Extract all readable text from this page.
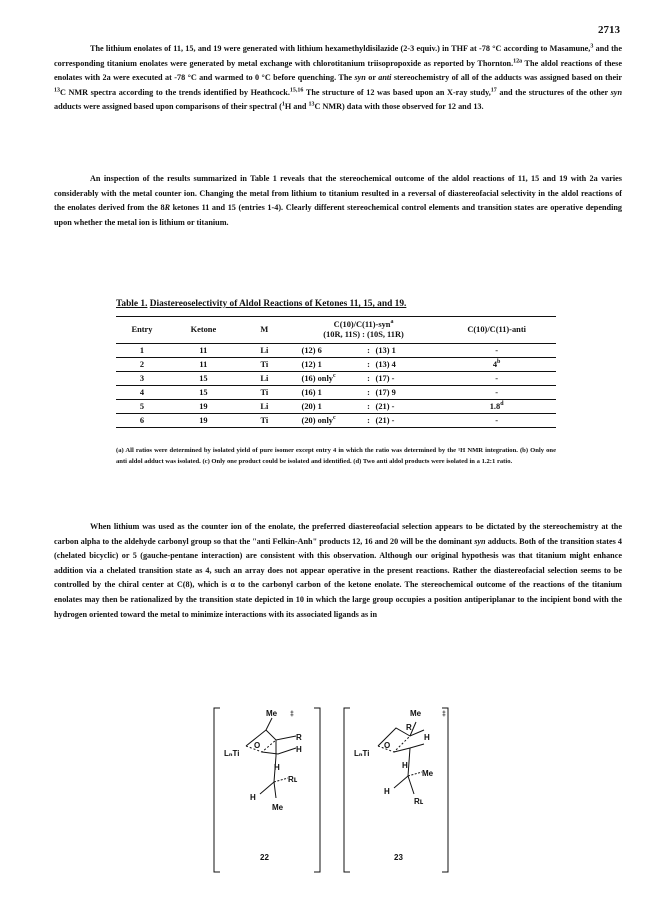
2713

The lithium enolates of 11, 15, and 19 were generated with lithium hexamethyldisilazide (2-3 equiv.) in THF at -78 °C according to Masamune,$^3$ and the corresponding titanium enolates were generated by metal exchange with chlorotitanium triisopropoxide as reported by Thornton.$^{12a}$ The aldol reactions of these enolates with 2a were executed at -78 °C and warmed to 0 °C before quenching. The syn or anti stereochemistry of all of the adducts was assigned based on their $^{13}$C NMR spectra according to the trends identified by Heathcock.$^{15,16}$ The structure of 12 was based upon an X-ray study,$^{17}$ and the structures of the other syn adducts were assigned based upon comparisons of their spectral ($^1$H and $^{13}$C NMR) data with those observed for 12 and 13.

An inspection of the results summarized in Table 1 reveals that the stereochemical outcome of the aldol reactions of 11, 15 and 19 with 2a varies considerably with the metal counter ion. Changing the metal from lithium to titanium resulted in a reversal of diastereofacial selectivity in the aldol reactions of the enolates derived from the 8R ketones 11 and 15 (entries 1-4). Clearly different stereochemical control elements and transition states are operative depending upon whether the metal ion is lithium or titanium.

Table 1. Diastereoselectivity of Aldol Reactions of Ketones 11, 15, and 19.
Entry	Ketone	M	C(10)/C(11)-syn$^a$
(10R, 11S) : (10S, 11R)	C(10)/C(11)-anti
1	11	Li	(12) 6 : (13) 1	-
2	11	Ti	(12) 1 : (13) 4	4$^b$
3	15	Li	(16) only$^c$ : (17) -	-
4	15	Ti	(16) 1 : (17) 9	-
5	19	Li	(20) 1 : (21) -	1.8$^d$
6	19	Ti	(20) only$^c$ : (21) -	-
(a) All ratios were determined by isolated yield of pure isomer except entry 4 in which the ratio was determined by the ¹H NMR integration. (b) Only one anti aldol adduct was isolated. (c) Only one product could be isolated and identified. (d) Two anti aldol products were isolated in a 1.2:1 ratio.

When lithium was used as the counter ion of the enolate, the preferred diastereofacial selection appears to be dictated by the stereochemistry at the carbon alpha to the aldehyde carbonyl group so that the "anti Felkin-Anh" products 12, 16 and 20 will be the dominant syn adducts. Both of the transition states 4 (chelated bicyclic) or 5 (gauche-pentane interaction) are consistent with this observation. Although our original hypothesis was that titanium might enhance addition via a chelated transition state as 4, such an array does not appear operative in the present reactions. Rather the diastereofacial selection seems to be controlled by the chiral center at C(8), which is α to the carbonyl carbon of the ketone enolate. The stereochemical outcome of the reactions of the titanium enolates may then be rationalized by the transition state depicted in 10 in which the large group occupies a position antiperiplanar to the incipient bond with the hydrogen oriented toward the metal to minimize interactions with its associated ligands as in

Me ‡
LₙTi
O
R
H
H
H
Rʟ
Me
22
Me	‡
LₙTi
O
R
H
H
H
Me
Rʟ
23
